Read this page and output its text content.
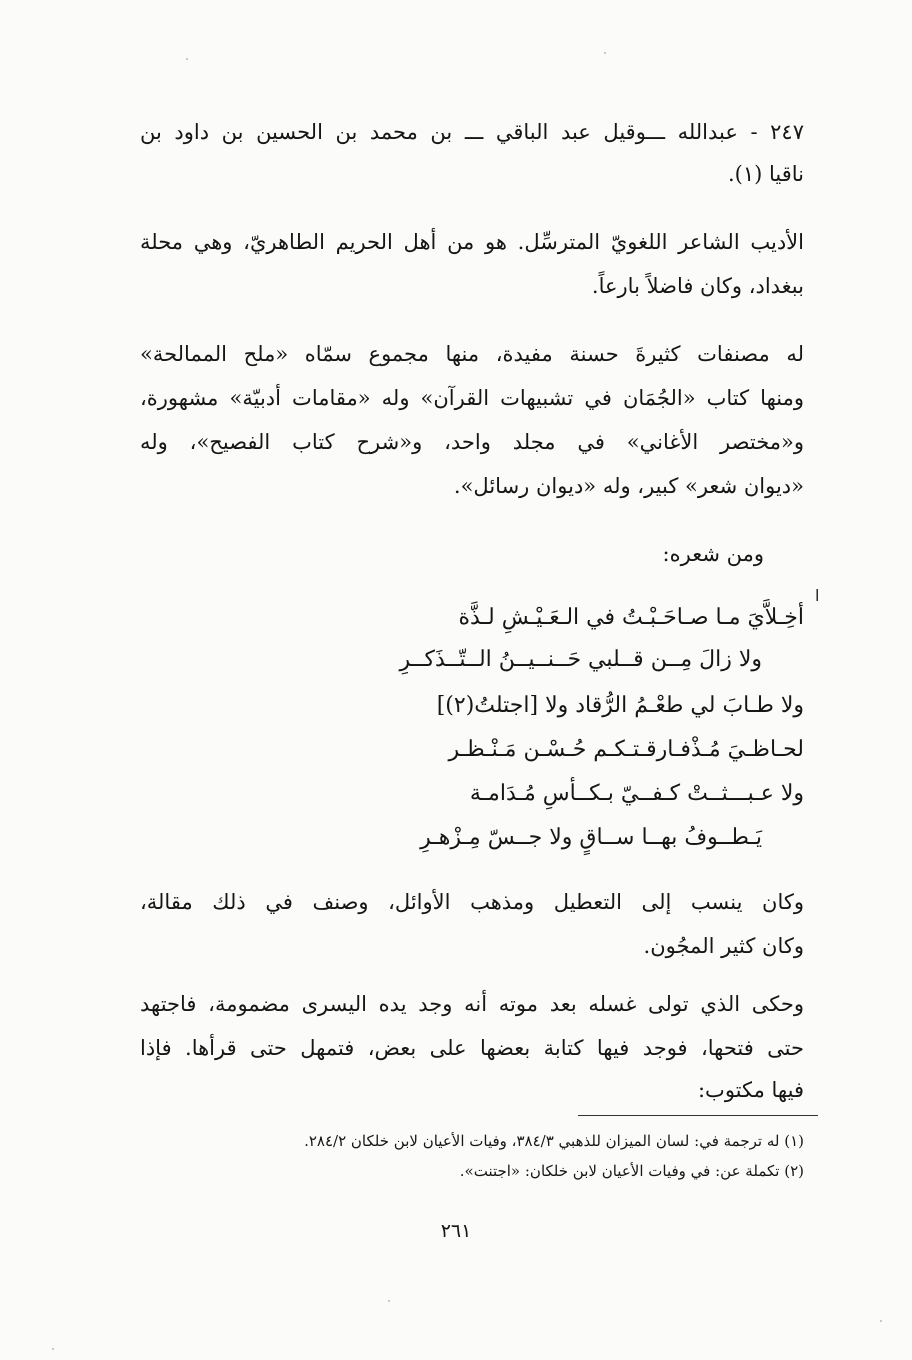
٢٤٧ - عبدالله ـــوقيل عبد الباقي ـــ بن محمد بن الحسين بن داود بن
ناقيا (١).
الأديب الشاعر اللغويّ المترسِّل. هو من أهل الحريم الطاهريّ، وهي محلة
ببغداد، وكان فاضلاً بارعاً.
له مصنفات كثيرةَ حسنة مفيدة، منها مجموع سمّاه «ملح الممالحة»
ومنها كتاب «الجُمَان في تشبيهات القرآن» وله «مقامات أدبيّة» مشهورة،
و«مختصر الأغاني» في مجلد واحد، و«شرح كتاب الفصيح»، وله
«ديوان شعر» كبير، وله «ديوان رسائل».
ومن شعره:
ا
أخِـلاَّيَ مـا صـاحَـبْـتُ في الـعَـيْـشِ لـذَّة
ولا زالَ مِــن قــلبي حَــنــيــنُ الــتّــذَكــرِ
ولا طـابَ لي طعْـمُ الرُّقاد ولا [اجتلتُ(٢)]
لحـاظـيَ مُـذْفـارقـتـكـم حُـسْـن مَـنْـظـر
ولا عـبـــثــتْ كـفــيّ بـكــأسِ مُـدَامـة
يَـطــوفُ بهــا ســاقٍ ولا جــسّ مِـزْهـرِ
وكان ينسب إلى التعطيل ومذهب الأوائل، وصنف في ذلك مقالة،
وكان كثير المجُون.
وحكى الذي تولى غسله بعد موته أنه وجد يده اليسرى مضمومة، فاجتهد
حتى فتحها، فوجد فيها كتابة بعضها على بعض، فتمهل حتى قرأها. فإذا
فيها مكتوب:
(١) له ترجمة في: لسان الميزان للذهبي ٣٨٤/٣، وفيات الأعيان لابن خلكان ٢٨٤/٢.
(٢) تكملة عن: في وفيات الأعيان لابن خلكان: «اجتنت».
٢٦١
